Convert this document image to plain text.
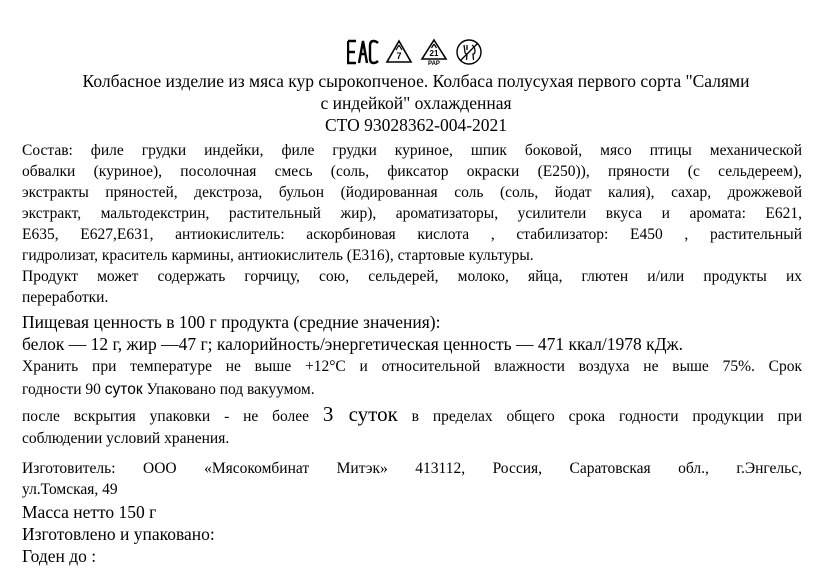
7	21
PAP
Колбасное изделие из мяса кур сырокопченое. Колбаса полусухая первого сорта "Салями
с индейкой" охлажденная
СТО 93028362-004-2021
Состав: филе грудки индейки, филе грудки куриное, шпик боковой, мясо птицы механической
обвалки (куриное), посолочная смесь (соль, фиксатор окраски (Е250)), пряности (с сельдереем),
экстракты пряностей, декстроза, бульон (йодированная соль (соль, йодат калия), сахар, дрожжевой
экстракт, мальтодекстрин, растительный жир), ароматизаторы, усилители вкуса и аромата: Е621,
Е635, Е627,Е631, антиокислитель: аскорбиновая кислота , стабилизатор: Е450 , растительный
гидролизат, краситель кармины, антиокислитель (Е316), стартовые культуры.
Продукт может содержать горчицу, сою, сельдерей, молоко, яйца, глютен и/или продукты их
переработки.
Пищевая ценность в 100 г продукта (средние значения):
белок — 12 г, жир —47 г; калорийность/энергетическая ценность — 471 ккал/1978 кДж.
Хранить при температуре не выше +12°С и относительной влажности воздуха не выше 75%. Срок
годности 90 суток Упаковано под вакуумом.
после вскрытия упаковки - не более 3 суток в пределах общего срока годности продукции при
соблюдении условий хранения.
Изготовитель: ООО «Мясокомбинат Митэк» 413112, Россия, Саратовская обл., г.Энгельс,
ул.Томская, 49
Масса нетто 150 г
Изготовлено и упаковано:
Годен до :
